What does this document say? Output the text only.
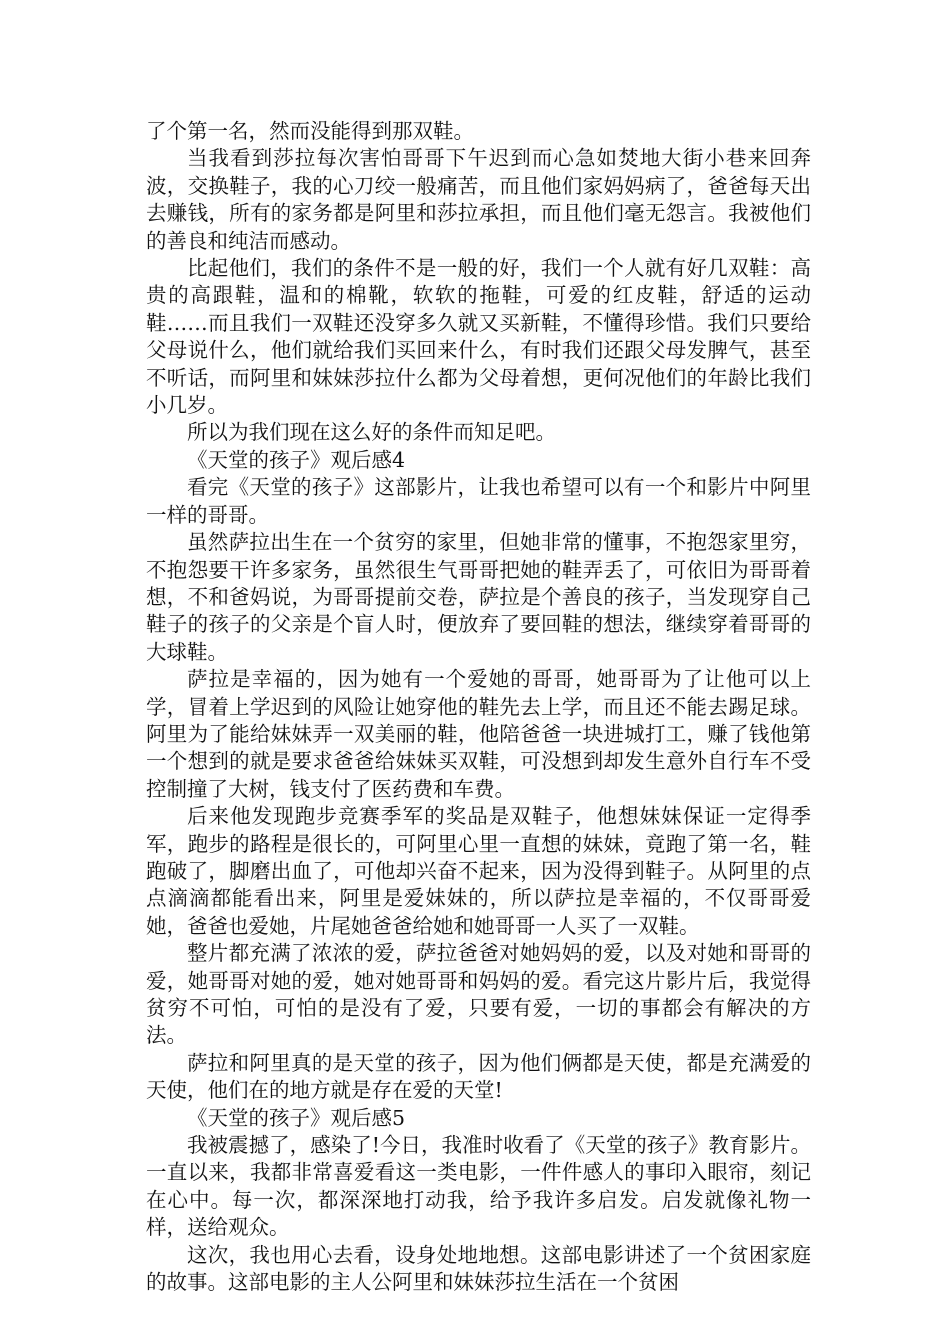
了个第一名，然而没能得到那双鞋。

当我看到莎拉每次害怕哥哥下午迟到而心急如焚地大街小巷来回奔波，交换鞋子，我的心刀绞一般痛苦，而且他们家妈妈病了，爸爸每天出去赚钱，所有的家务都是阿里和莎拉承担，而且他们毫无怨言。我被他们的善良和纯洁而感动。

比起他们，我们的条件不是一般的好，我们一个人就有好几双鞋：高贵的高跟鞋，温和的棉靴，软软的拖鞋，可爱的红皮鞋，舒适的运动鞋……而且我们一双鞋还没穿多久就又买新鞋，不懂得珍惜。我们只要给父母说什么，他们就给我们买回来什么，有时我们还跟父母发脾气，甚至不听话，而阿里和妹妹莎拉什么都为父母着想，更何况他们的年龄比我们小几岁。

所以为我们现在这么好的条件而知足吧。

《天堂的孩子》观后感4

看完《天堂的孩子》这部影片，让我也希望可以有一个和影片中阿里一样的哥哥。

虽然萨拉出生在一个贫穷的家里，但她非常的懂事，不抱怨家里穷，不抱怨要干许多家务，虽然很生气哥哥把她的鞋弄丢了，可依旧为哥哥着想，不和爸妈说，为哥哥提前交卷，萨拉是个善良的孩子，当发现穿自己鞋子的孩子的父亲是个盲人时，便放弃了要回鞋的想法，继续穿着哥哥的大球鞋。

萨拉是幸福的，因为她有一个爱她的哥哥，她哥哥为了让他可以上学，冒着上学迟到的风险让她穿他的鞋先去上学，而且还不能去踢足球。阿里为了能给妹妹弄一双美丽的鞋，他陪爸爸一块进城打工，赚了钱他第一个想到的就是要求爸爸给妹妹买双鞋，可没想到却发生意外自行车不受控制撞了大树，钱支付了医药费和车费。

后来他发现跑步竞赛季军的奖品是双鞋子，他想妹妹保证一定得季军，跑步的路程是很长的，可阿里心里一直想的妹妹，竟跑了第一名，鞋跑破了，脚磨出血了，可他却兴奋不起来，因为没得到鞋子。从阿里的点点滴滴都能看出来，阿里是爱妹妹的，所以萨拉是幸福的，不仅哥哥爱她，爸爸也爱她，片尾她爸爸给她和她哥哥一人买了一双鞋。

整片都充满了浓浓的爱，萨拉爸爸对她妈妈的爱，以及对她和哥哥的爱，她哥哥对她的爱，她对她哥哥和妈妈的爱。看完这片影片后，我觉得贫穷不可怕，可怕的是没有了爱，只要有爱，一切的事都会有解决的方法。

萨拉和阿里真的是天堂的孩子，因为他们俩都是天使，都是充满爱的天使，他们在的地方就是存在爱的天堂!

《天堂的孩子》观后感5

我被震撼了，感染了!今日，我准时收看了《天堂的孩子》教育影片。一直以来，我都非常喜爱看这一类电影，一件件感人的事印入眼帘，刻记在心中。每一次，都深深地打动我，给予我许多启发。启发就像礼物一样，送给观众。

这次，我也用心去看，设身处地地想。这部电影讲述了一个贫困家庭的故事。这部电影的主人公阿里和妹妹莎拉生活在一个贫困
